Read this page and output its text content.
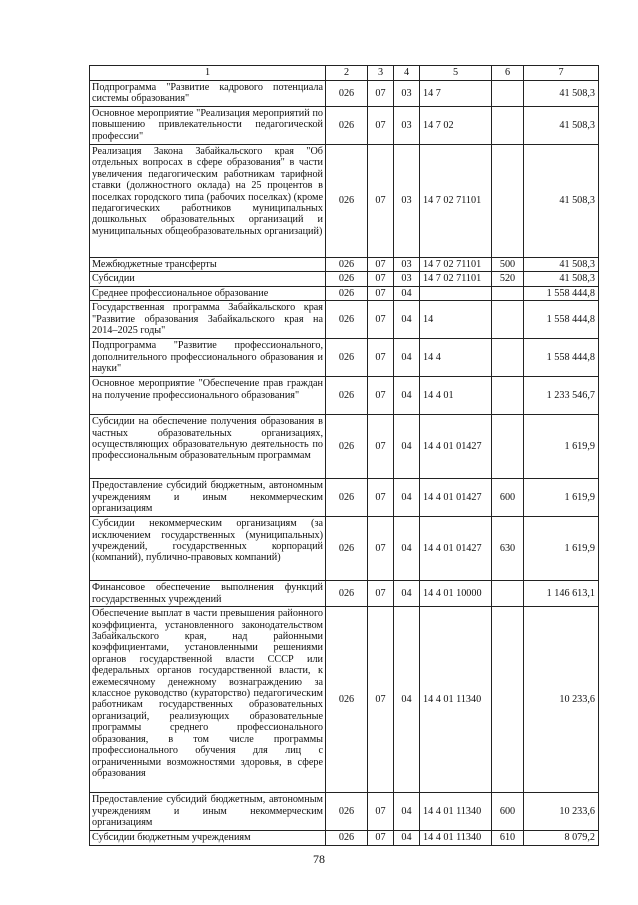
1	2	3	4	5	6	7
Подпрограмма "Развитие кадрового потенциала системы образования"	026	07	03	14 7		41 508,3
Основное мероприятие "Реализация мероприятий по повышению привлекательности педагогической профессии"	026	07	03	14 7 02		41 508,3
Реализация Закона Забайкальского края "Об отдельных вопросах в сфере образования" в части увеличения педагогическим работникам тарифной ставки (должностного оклада) на 25 процентов в поселках городского типа (рабочих поселках) (кроме педагогических работников муниципальных дошкольных образовательных организаций и муниципальных общеобразовательных организаций)	026	07	03	14 7 02 71101		41 508,3
Межбюджетные трансферты	026	07	03	14 7 02 71101	500	41 508,3
Субсидии	026	07	03	14 7 02 71101	520	41 508,3
Среднее профессиональное образование	026	07	04			1 558 444,8
Государственная программа Забайкальского края "Развитие образования Забайкальского края на 2014–2025 годы"	026	07	04	14		1 558 444,8
Подпрограмма "Развитие профессионального, дополнительного профессионального образования и науки"	026	07	04	14 4		1 558 444,8
Основное мероприятие "Обеспечение прав граждан на получение профессионального образования"	026	07	04	14 4 01		1 233 546,7
Субсидии на обеспечение получения образования в частных образовательных организациях, осуществляющих образовательную деятельность по профессиональным образовательным программам	026	07	04	14 4 01 01427		1 619,9
Предоставление субсидий бюджетным, автономным учреждениям и иным некоммерческим организациям	026	07	04	14 4 01 01427	600	1 619,9
Субсидии некоммерческим организациям (за исключением государственных (муниципальных) учреждений, государственных корпораций (компаний), публично-правовых компаний)	026	07	04	14 4 01 01427	630	1 619,9
Финансовое обеспечение выполнения функций государственных учреждений	026	07	04	14 4 01 10000		1 146 613,1
Обеспечение выплат в части превышения районного коэффициента, установленного законодательством Забайкальского края, над районными коэффициентами, установленными решениями органов государственной власти СССР или федеральных органов государственной власти, к ежемесячному денежному вознаграждению за классное руководство (кураторство) педагогическим работникам государственных образовательных организаций, реализующих образовательные программы среднего профессионального образования, в том числе программы профессионального обучения для лиц с ограниченными возможностями здоровья, в сфере образования	026	07	04	14 4 01 11340		10 233,6
Предоставление субсидий бюджетным, автономным учреждениям и иным некоммерческим организациям	026	07	04	14 4 01 11340	600	10 233,6
Субсидии бюджетным учреждениям	026	07	04	14 4 01 11340	610	8 079,2
78
